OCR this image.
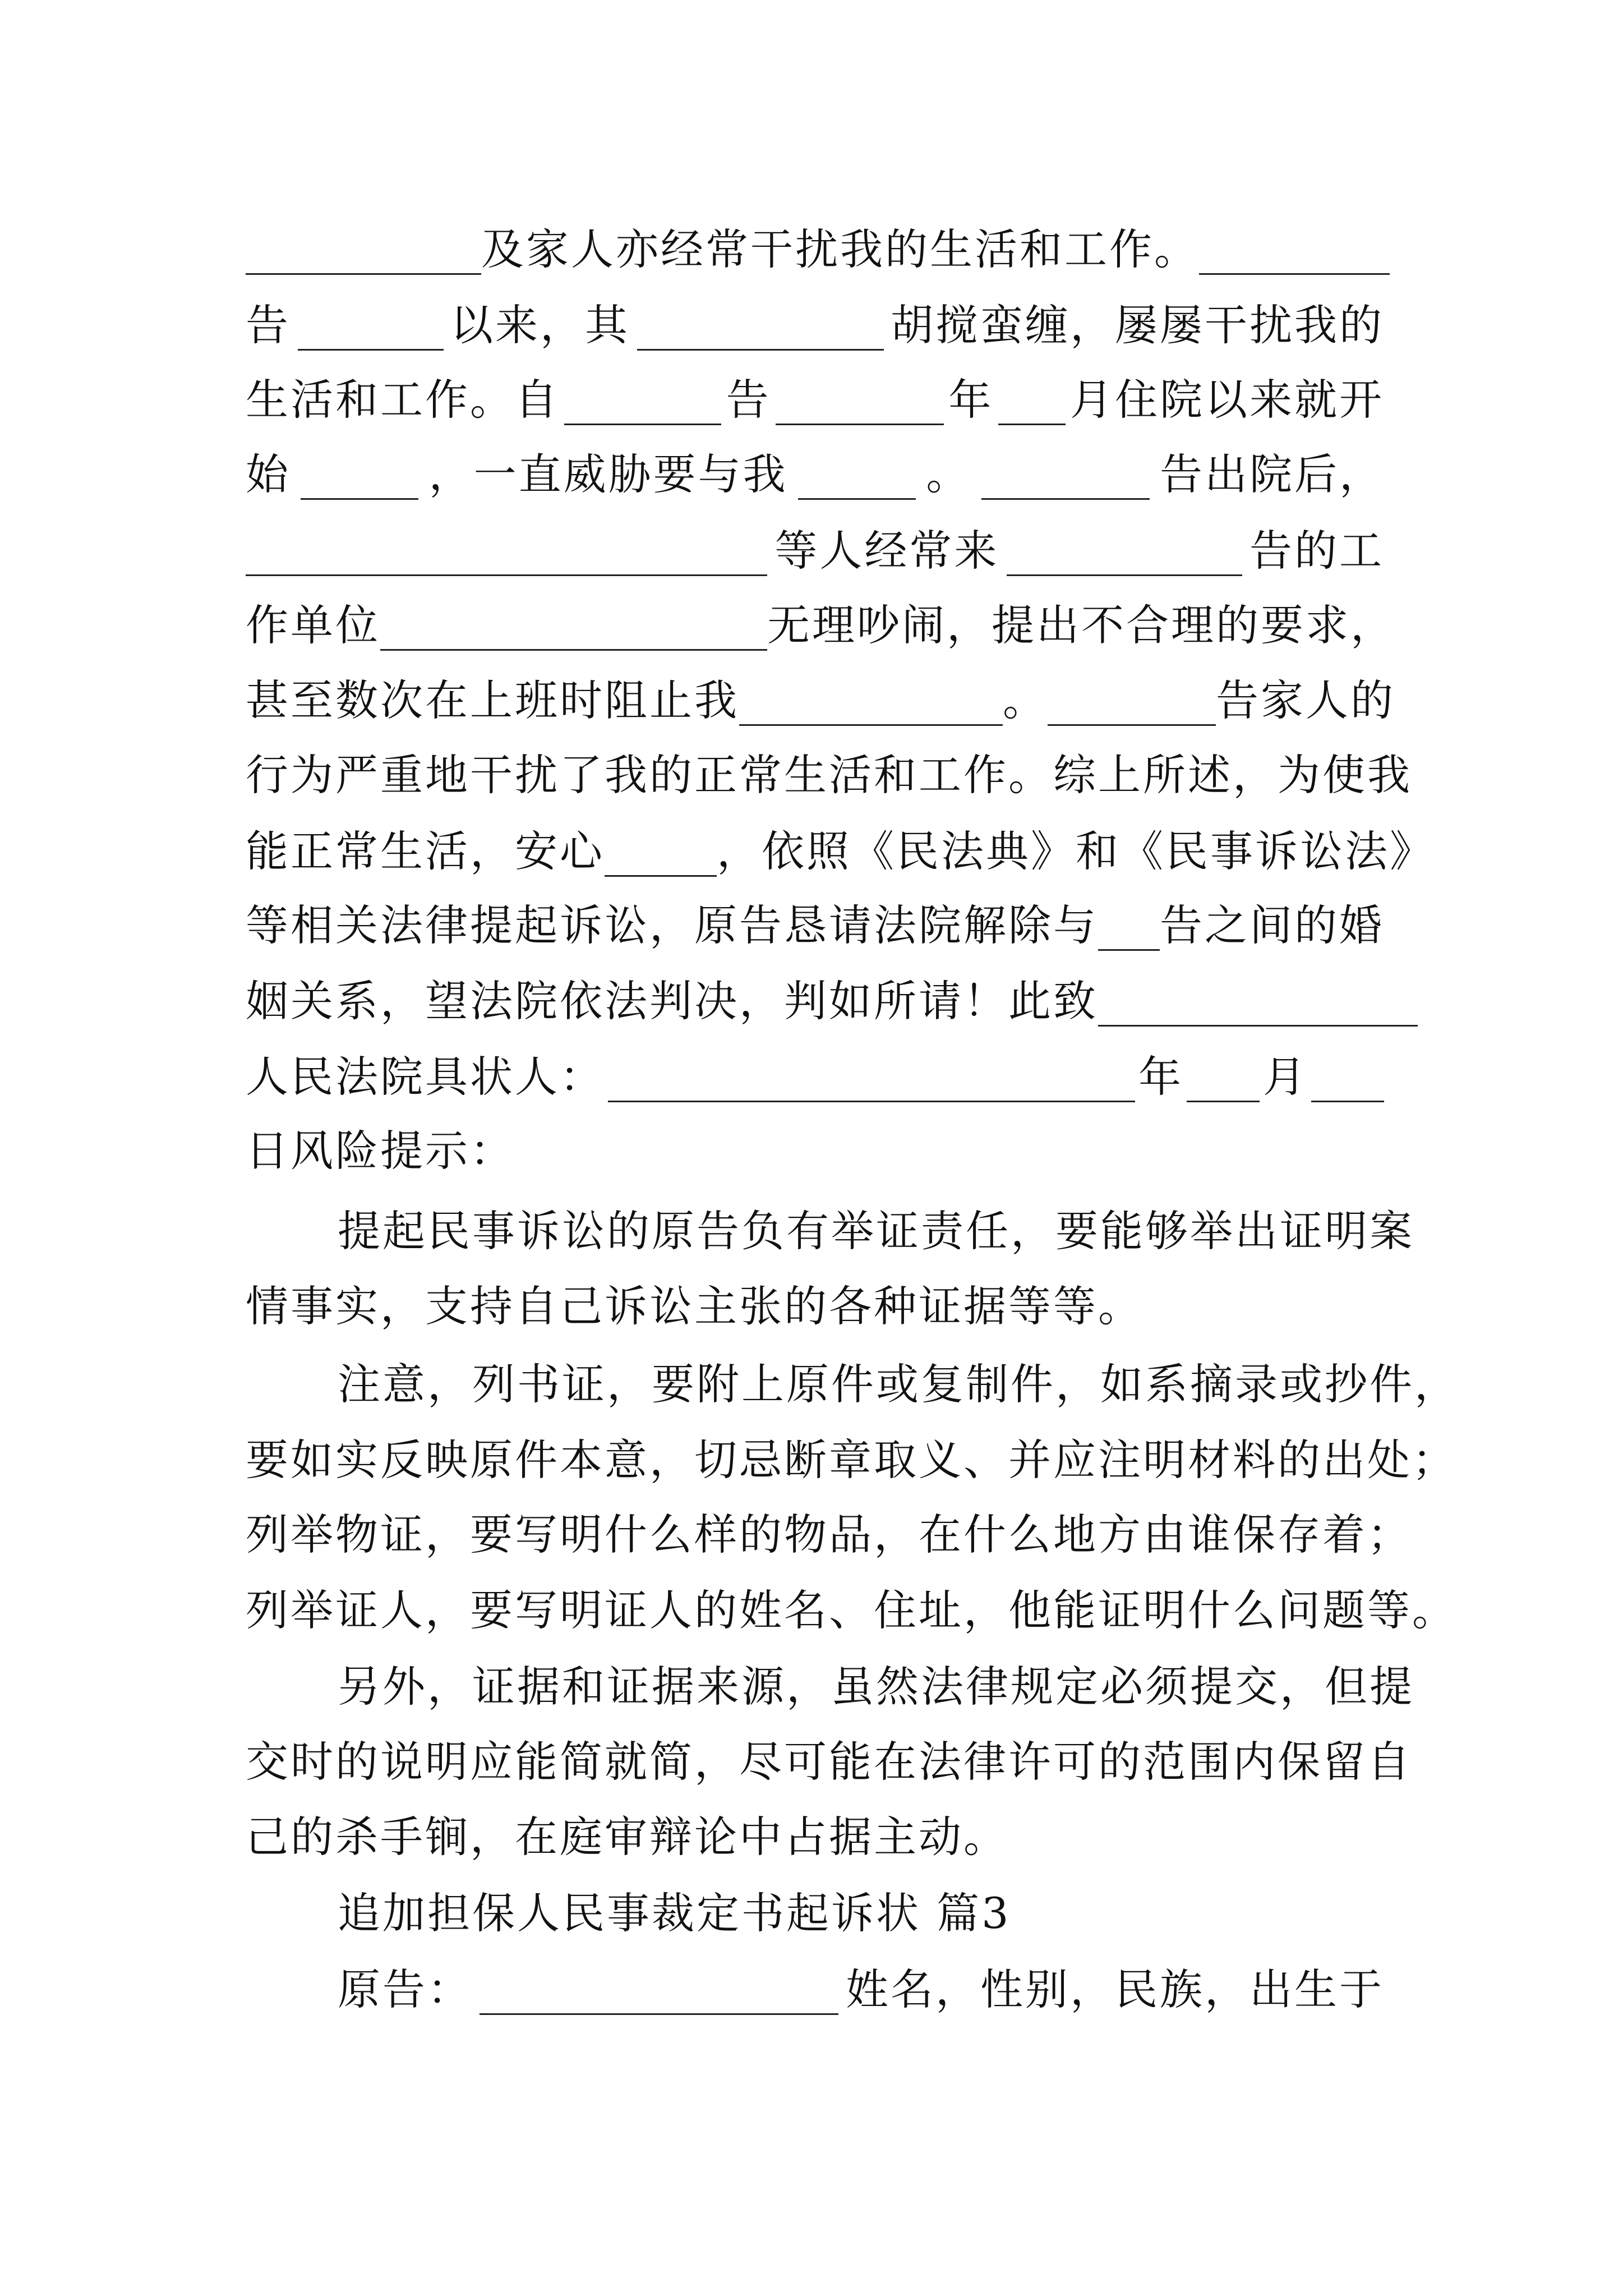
及家人亦经常干扰我的生活和工作。
告	以来，其	胡搅蛮缠，屡屡干扰我的
生活和工作。自	告	年 月住院以来就开
始	，一直威胁要与我	。	告出院后，
等人经常来	告的工
作单位	无理吵闹，提出不合理的要求，
甚至数次在上班时阻止我	。	告家人的
行为严重地干扰了我的正常生活和工作。综上所述，为使我
能正常生活，安心	，依照《民法典》和《民事诉讼法》
等相关法律提起诉讼，原告恳请法院解除与 告之间的婚
姻关系，望法院依法判决，判如所请！此致
人民法院具状人：	年 月
日风险提示：
提起民事诉讼的原告负有举证责任，要能够举出证明案
情事实，支持自己诉讼主张的各种证据等等。
注意，列书证，要附上原件或复制件，如系摘录或抄件，
要如实反映原件本意，切忌断章取义、并应注明材料的出处；
列举物证，要写明什么样的物品，在什么地方由谁保存着；
列举证人，要写明证人的姓名、住址，他能证明什么问题等。
另外，证据和证据来源，虽然法律规定必须提交，但提
交时的说明应能简就简，尽可能在法律许可的范围内保留自
己的杀手锏，在庭审辩论中占据主动。
追加担保人民事裁定书起诉状 篇3
原告：	姓名，性别，民族，出生于
